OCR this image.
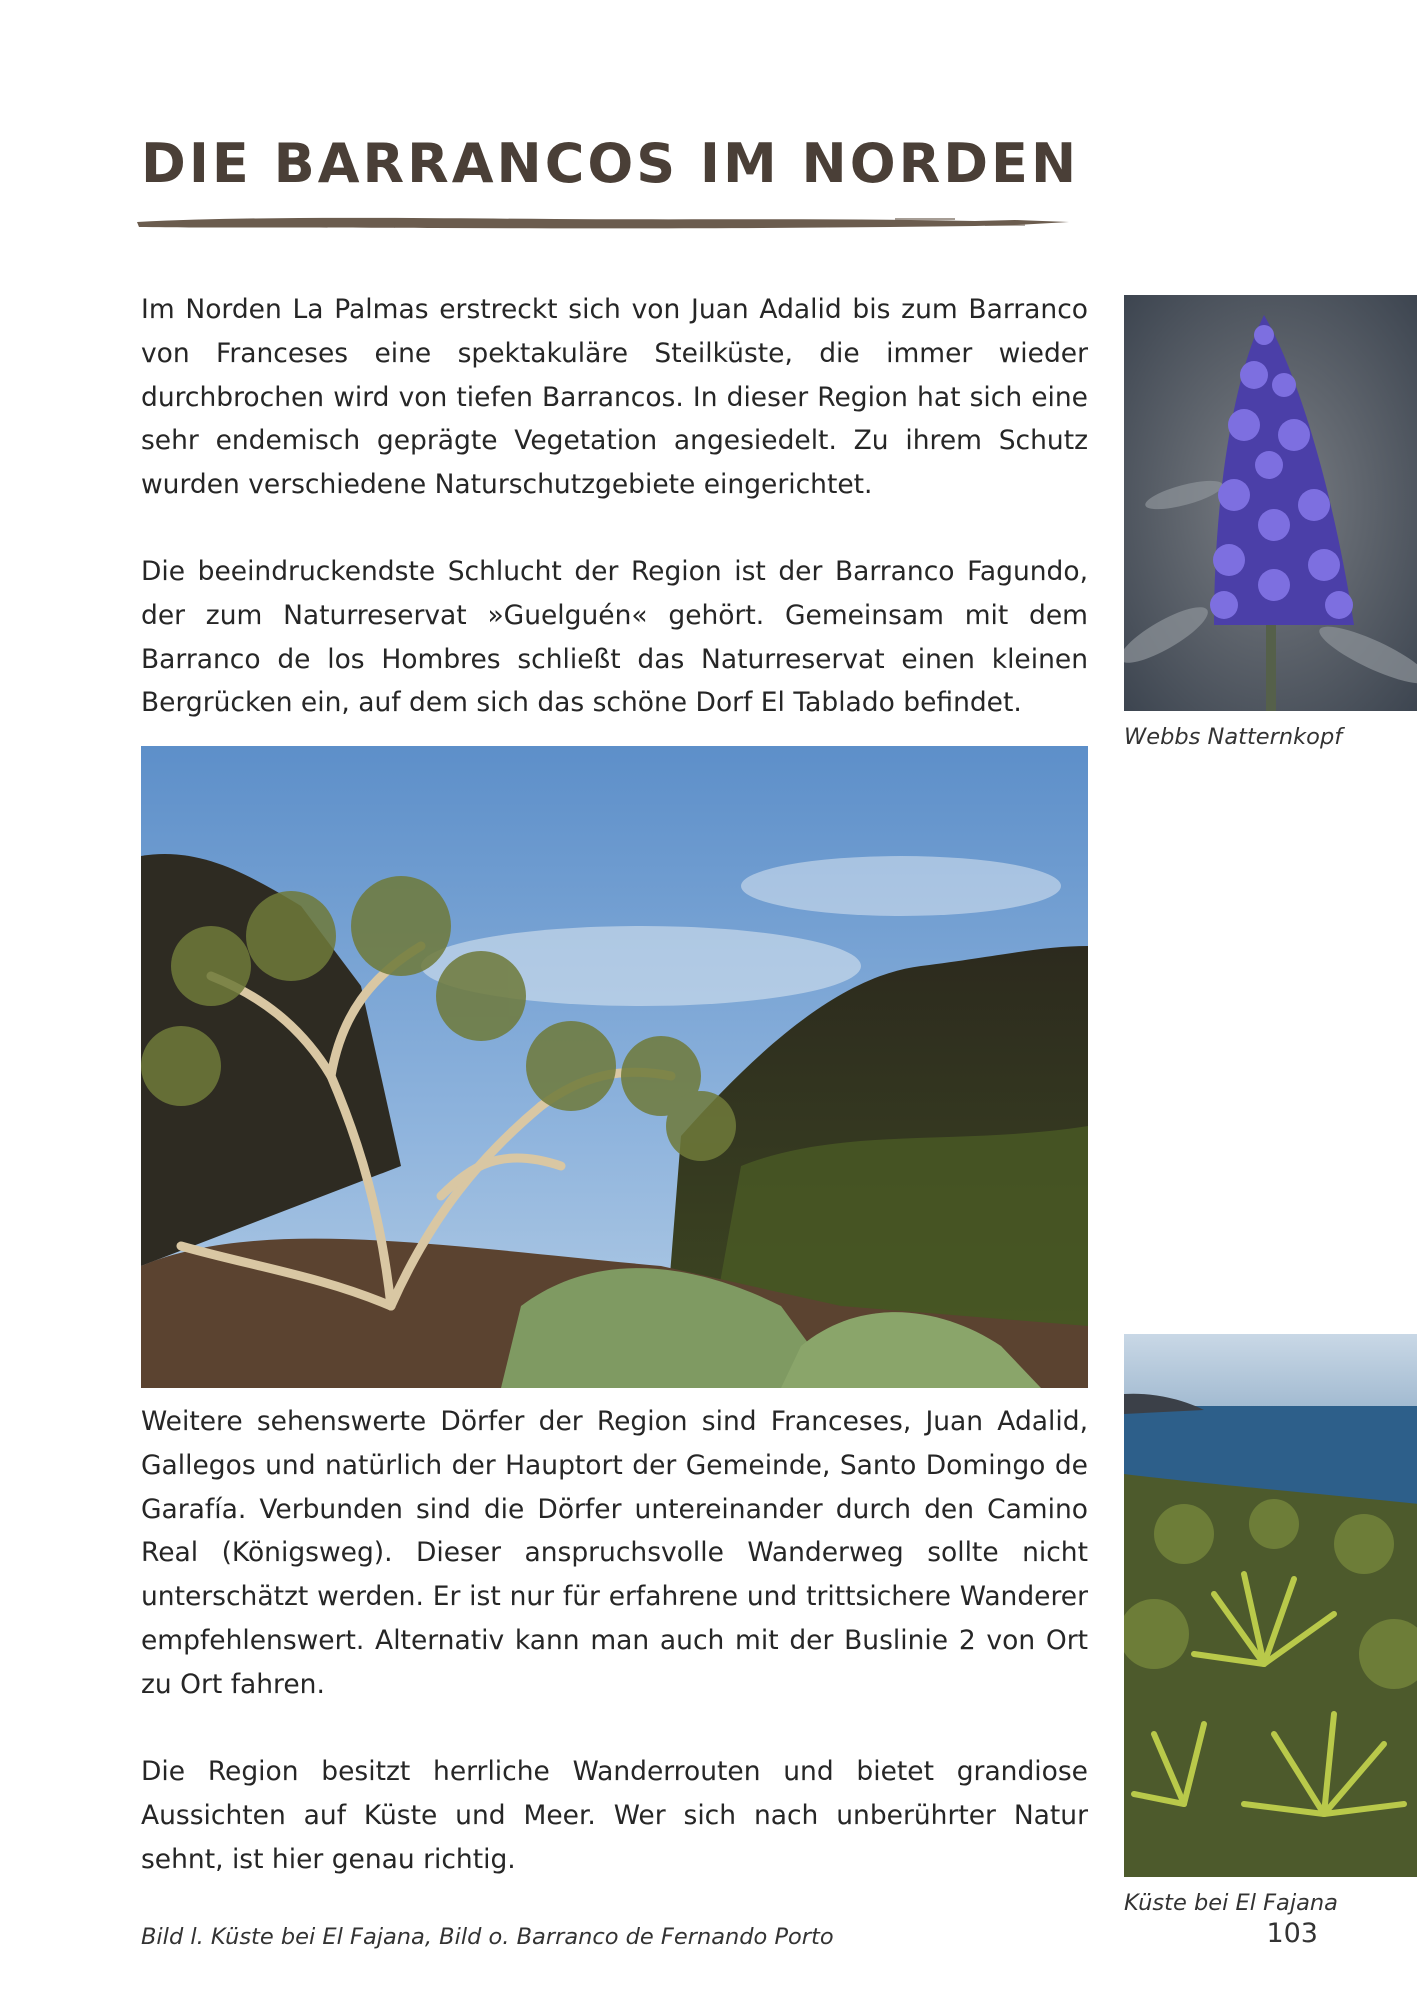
DIE BARRANCOS IM NORDEN

Im Norden La Palmas erstreckt sich von Juan Adalid bis zum Barranco von Franceses eine spektakuläre Steilküste, die immer wieder durchbrochen wird von tiefen Barrancos. In dieser Region hat sich eine sehr endemisch geprägte Vegetation angesiedelt. Zu ihrem Schutz wurden verschiedene Naturschutzgebiete eingerichtet.

Die beeindruckendste Schlucht der Region ist der Barranco Fagundo, der zum Naturreservat »Guelguén« gehört. Gemeinsam mit dem Barranco de los Hombres schließt das Naturreservat einen kleinen Bergrücken ein, auf dem sich das schöne Dorf El Tablado befindet.

Weitere sehenswerte Dörfer der Region sind Franceses, Juan Adalid, Gallegos und natürlich der Hauptort der Gemeinde, Santo Domingo de Garafía. Verbunden sind die Dörfer untereinander durch den Camino Real (Königsweg). Dieser anspruchsvolle Wanderweg sollte nicht unterschätzt werden. Er ist nur für erfahrene und trittsichere Wanderer empfehlenswert. Alternativ kann man auch mit der Buslinie 2 von Ort zu Ort fahren.

Die Region besitzt herrliche Wanderrouten und bietet grandiose Aussichten auf Küste und Meer. Wer sich nach unberührter Natur sehnt, ist hier genau richtig.

Webbs Natternkopf
Küste bei El Fajana
Bild l. Küste bei El Fajana, Bild o. Barranco de Fernando Porto	103
